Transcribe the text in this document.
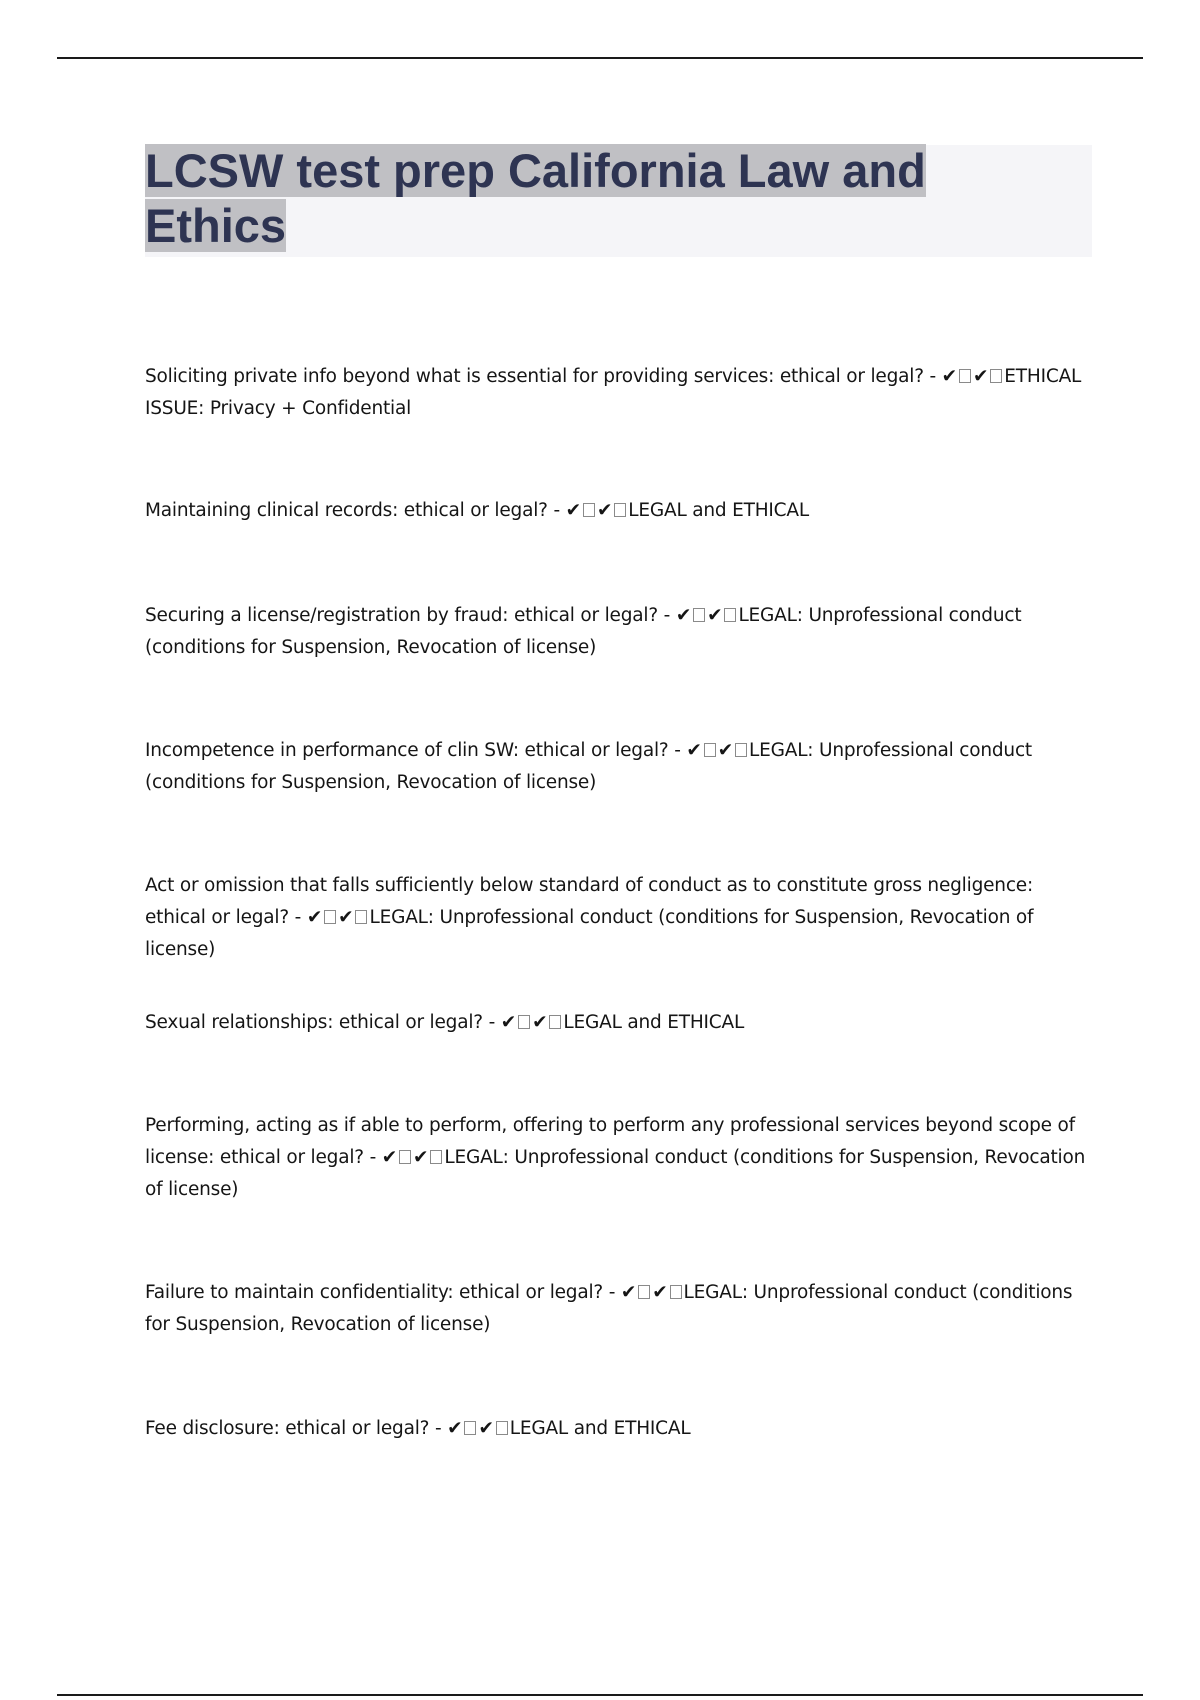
LCSW test prep California Law and Ethics

Soliciting private info beyond what is essential for providing services: ethical or legal? - ✔ ✔ ETHICAL ISSUE: Privacy + Confidential

Maintaining clinical records: ethical or legal? - ✔ ✔ LEGAL and ETHICAL

Securing a license/registration by fraud: ethical or legal? - ✔ ✔ LEGAL: Unprofessional conduct (conditions for Suspension, Revocation of license)

Incompetence in performance of clin SW: ethical or legal? - ✔ ✔ LEGAL: Unprofessional conduct (conditions for Suspension, Revocation of license)

Act or omission that falls sufficiently below standard of conduct as to constitute gross negligence: ethical or legal? - ✔ ✔ LEGAL: Unprofessional conduct (conditions for Suspension, Revocation of license)

Sexual relationships: ethical or legal? - ✔ ✔ LEGAL and ETHICAL

Performing, acting as if able to perform, offering to perform any professional services beyond scope of license: ethical or legal? - ✔ ✔ LEGAL: Unprofessional conduct (conditions for Suspension, Revocation of license)

Failure to maintain confidentiality: ethical or legal? - ✔ ✔ LEGAL: Unprofessional conduct (conditions for Suspension, Revocation of license)

Fee disclosure: ethical or legal? - ✔ ✔ LEGAL and ETHICAL
